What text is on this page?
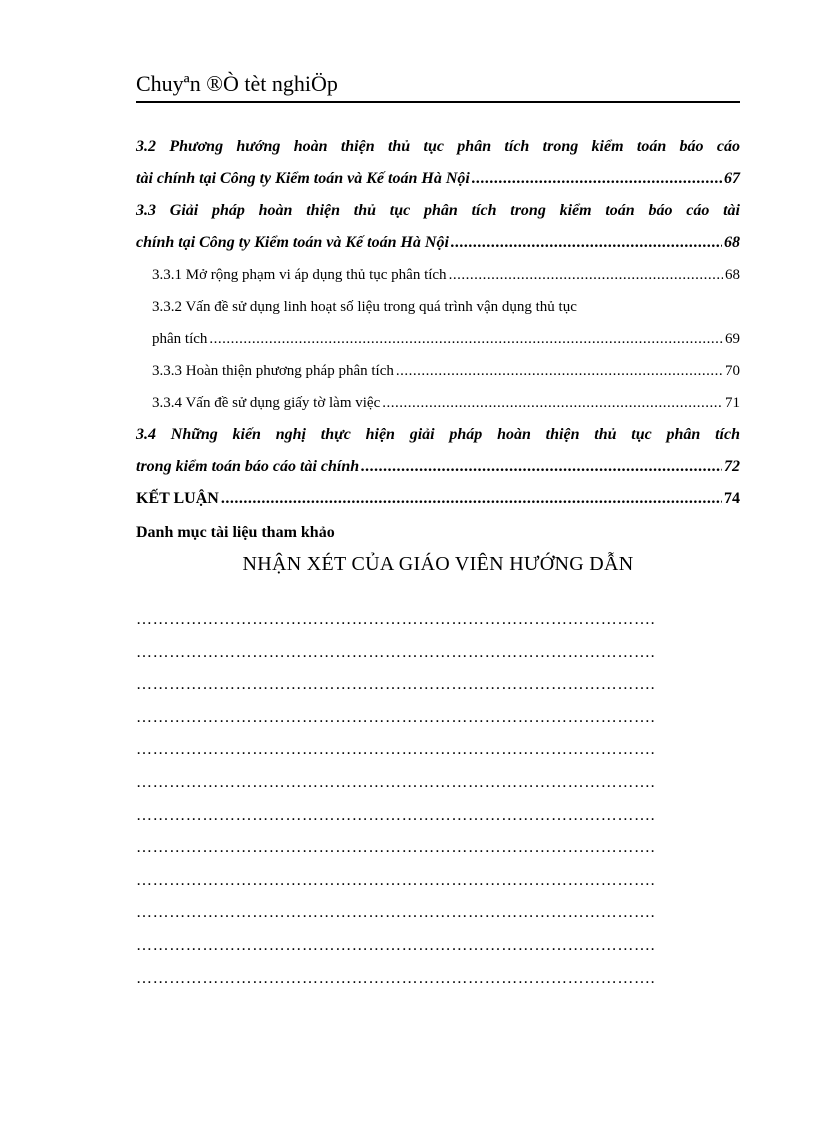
Chuyªn ®Ò tèt nghiÖp
3.2 Phương hướng hoàn thiện thủ tục phân tích trong kiểm toán báo cáo
tài chính tại Công ty Kiểm toán và Kế toán Hà Nội .....	67
3.3 Giải pháp hoàn thiện thủ tục phân tích trong kiểm toán báo cáo tài
chính tại Công ty Kiểm toán và Kế toán Hà Nội .....	68
3.3.1 Mở rộng phạm vi áp dụng thủ tục phân tích .....	68
3.3.2 Vấn đề sử dụng linh hoạt số liệu trong quá trình vận dụng thủ tục
phân tích .....	69
3.3.3 Hoàn thiện phương pháp phân tích .....	70
3.3.4 Vấn đề sử dụng giấy tờ làm việc .....	71
3.4 Những kiến nghị thực hiện giải pháp hoàn thiện thủ tục phân tích
trong kiểm toán báo cáo tài chính .....	72
KẾT LUẬN .....	74
Danh mục tài liệu tham khảo
NHẬN XÉT CỦA GIÁO VIÊN HƯỚNG DẪN
………………………………………………………………………………….
………………………………………………………………………………….
………………………………………………………………………………….
………………………………………………………………………………….
………………………………………………………………………………….
………………………………………………………………………………….
………………………………………………………………………………….
………………………………………………………………………………….
………………………………………………………………………………….
………………………………………………………………………………….
………………………………………………………………………………….
………………………………………………………………………………….
